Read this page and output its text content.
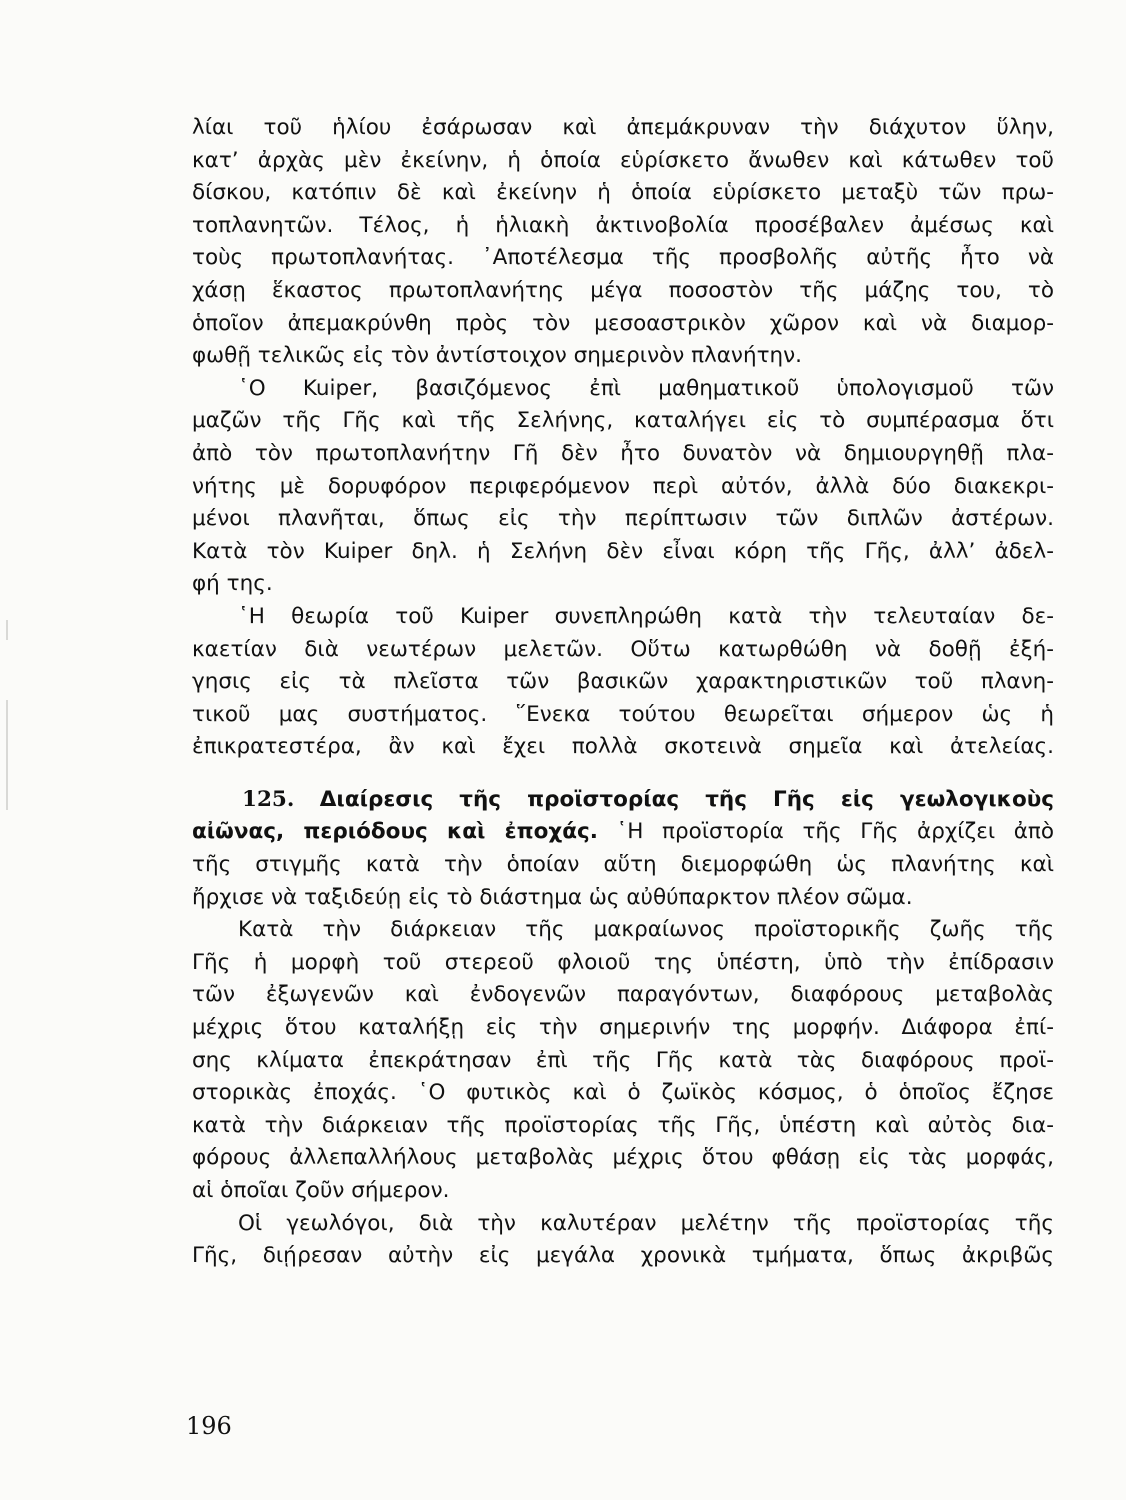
λίαι τοῦ ἡλίου ἐσάρωσαν καὶ ἀπεμάκρυναν τὴν διάχυτον ὕλην,
κατ’ ἀρχὰς μὲν ἐκείνην, ἡ ὁποία εὑρίσκετο ἄνωθεν καὶ κάτωθεν τοῦ
δίσκου, κατόπιν δὲ καὶ ἐκείνην ἡ ὁποία εὑρίσκετο μεταξὺ τῶν πρω-
τοπλανητῶν. Τέλος, ἡ ἡλιακὴ ἀκτινοβολία προσέβαλεν ἀμέσως καὶ
τοὺς πρωτοπλανήτας. ᾿Αποτέλεσμα τῆς προσβολῆς αὐτῆς ἦτο νὰ
χάσῃ ἕκαστος πρωτοπλανήτης μέγα ποσοστὸν τῆς μάζης του, τὸ
ὁποῖον ἀπεμακρύνθη πρὸς τὸν μεσοαστρικὸν χῶρον καὶ νὰ διαμορ-
φωθῇ τελικῶς εἰς τὸν ἀντίστοιχον σημερινὸν πλανήτην.
῾Ο Kuiper, βασιζόμενος ἐπὶ μαθηματικοῦ ὑπολογισμοῦ τῶν
μαζῶν τῆς Γῆς καὶ τῆς Σελήνης, καταλήγει εἰς τὸ συμπέρασμα ὅτι
ἀπὸ τὸν πρωτοπλανήτην Γῆ δὲν ἦτο δυνατὸν νὰ δημιουργηθῇ πλα-
νήτης μὲ δορυφόρον περιφερόμενον περὶ αὐτόν, ἀλλὰ δύο διακεκρι-
μένοι πλανῆται, ὅπως εἰς τὴν περίπτωσιν τῶν διπλῶν ἀστέρων.
Κατὰ τὸν Kuiper δηλ. ἡ Σελήνη δὲν εἶναι κόρη τῆς Γῆς, ἀλλ’ ἀδελ-
φή της.
῾Η θεωρία τοῦ Kuiper συνεπληρώθη κατὰ τὴν τελευταίαν δε-
καετίαν διὰ νεωτέρων μελετῶν. Οὕτω κατωρθώθη νὰ δοθῇ ἐξή-
γησις εἰς τὰ πλεῖστα τῶν βασικῶν χαρακτηριστικῶν τοῦ πλανη-
τικοῦ μας συστήματος. ῞Ενεκα τούτου θεωρεῖται σήμερον ὡς ἡ
ἐπικρατεστέρα, ἂν καὶ ἔχει πολλὰ σκοτεινὰ σημεῖα καὶ ἀτελείας.
125. Διαίρεσις τῆς προϊστορίας τῆς Γῆς εἰς γεωλογικοὺς
αἰῶνας, περιόδους καὶ ἐποχάς. ῾Η προϊστορία τῆς Γῆς ἀρχίζει ἀπὸ
τῆς στιγμῆς κατὰ τὴν ὁποίαν αὕτη διεμορφώθη ὡς πλανήτης καὶ
ἤρχισε νὰ ταξιδεύῃ εἰς τὸ διάστημα ὡς αὐθύπαρκτον πλέον σῶμα.
Κατὰ τὴν διάρκειαν τῆς μακραίωνος προϊστορικῆς ζωῆς τῆς
Γῆς ἡ μορφὴ τοῦ στερεοῦ φλοιοῦ της ὑπέστη, ὑπὸ τὴν ἐπίδρασιν
τῶν ἐξωγενῶν καὶ ἐνδογενῶν παραγόντων, διαφόρους μεταβολὰς
μέχρις ὅτου καταλήξῃ εἰς τὴν σημερινήν της μορφήν. Διάφορα ἐπί-
σης κλίματα ἐπεκράτησαν ἐπὶ τῆς Γῆς κατὰ τὰς διαφόρους προϊ-
στορικὰς ἐποχάς. ῾Ο φυτικὸς καὶ ὁ ζωϊκὸς κόσμος, ὁ ὁποῖος ἔζησε
κατὰ τὴν διάρκειαν τῆς προϊστορίας τῆς Γῆς, ὑπέστη καὶ αὐτὸς δια-
φόρους ἀλλεπαλλήλους μεταβολὰς μέχρις ὅτου φθάσῃ εἰς τὰς μορφάς,
αἱ ὁποῖαι ζοῦν σήμερον.
Οἱ γεωλόγοι, διὰ τὴν καλυτέραν μελέτην τῆς προϊστορίας τῆς
Γῆς, διῄρεσαν αὐτὴν εἰς μεγάλα χρονικὰ τμήματα, ὅπως ἀκριβῶς
196
